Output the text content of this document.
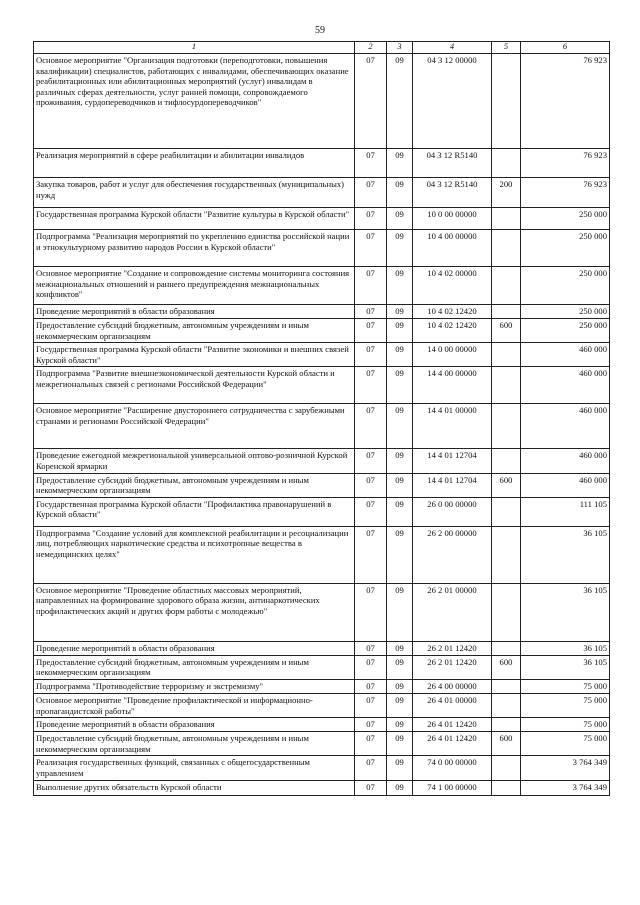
59
1	2	3	4	5	6
Основное мероприятие "Организация подготовки (переподготовки, повышения квалификации) специалистов, работающих с инвалидами, обеспечивающих оказание реабилитационных или абилитационных мероприятий (услуг) инвалидам в различных сферах деятельности, услуг ранней помощи, сопровождаемого проживания, сурдопереводчиков и тифлосурдопереводчиков"	07	09	04 3 12 00000		76 923
Реализация мероприятий в сфере реабилитации и абилитации инвалидов	07	09	04 3 12 R5140		76 923
Закупка товаров, работ и услуг для обеспечения государственных (муниципальных) нужд	07	09	04 3 12 R5140	200	76 923
Государственная программа Курской области "Развитие культуры в Курской области"	07	09	10 0 00 00000		250 000
Подпрограмма "Реализация мероприятий по укреплению единства российской нации и этнокультурному развитию народов России в Курской области"	07	09	10 4 00 00000		250 000
Основное мероприятие "Создание и сопровождение системы мониторинга состояния межнациональных отношений и раннего предупреждения межнациональных конфликтов"	07	09	10 4 02 00000		250 000
Проведение мероприятий в области образования	07	09	10 4 02 12420		250 000
Предоставление субсидий бюджетным, автономным учреждениям и иным некоммерческим организациям	07	09	10 4 02 12420	600	250 000
Государственная программа Курской области "Развитие экономики и внешних связей Курской области"	07	09	14 0 00 00000		460 000
Подпрограмма "Развитие внешнеэкономической деятельности Курской области и межрегиональных связей с регионами Российской Федерации"	07	09	14 4 00 00000		460 000
Основное мероприятие "Расширение двустороннего сотрудничества с зарубежными странами и регионами Российской Федерации"	07	09	14 4 01 00000		460 000
Проведение ежегодной межрегиональной универсальной оптово-розничной Курской Коренской ярмарки	07	09	14 4 01 12704		460 000
Предоставление субсидий бюджетным, автономным учреждениям и иным некоммерческим организациям	07	09	14 4 01 12704	600	460 000
Государственная программа Курской области "Профилактика правонарушений в Курской области"	07	09	26 0 00 00000		111 105
Подпрограмма "Создание условий для комплексной реабилитации и ресоциализации лиц, потребляющих наркотические средства и психотропные вещества в немедицинских целях"	07	09	26 2 00 00000		36 105
Основное мероприятие "Проведение областных массовых мероприятий, направленных на формирование здорового образа жизни, антинаркотических профилактических акций и других форм работы с молодежью"	07	09	26 2 01 00000		36 105
Проведение мероприятий в области образования	07	09	26 2 01 12420		36 105
Предоставление субсидий бюджетным, автономным учреждениям и иным некоммерческим организациям	07	09	26 2 01 12420	600	36 105
Подпрограмма "Противодействие терроризму и экстремизму"	07	09	26 4 00 00000		75 000
Основное мероприятие "Проведение профилактической и информационно-пропагандистской работы"	07	09	26 4 01 00000		75 000
Проведение мероприятий в области образования	07	09	26 4 01 12420		75 000
Предоставление субсидий бюджетным, автономным учреждениям и иным некоммерческим организациям	07	09	26 4 01 12420	600	75 000
Реализация государственных функций, связанных с общегосударственным управлением	07	09	74 0 00 00000		3 764 349
Выполнение других обязательств Курской области	07	09	74 1 00 00000		3 764 349
